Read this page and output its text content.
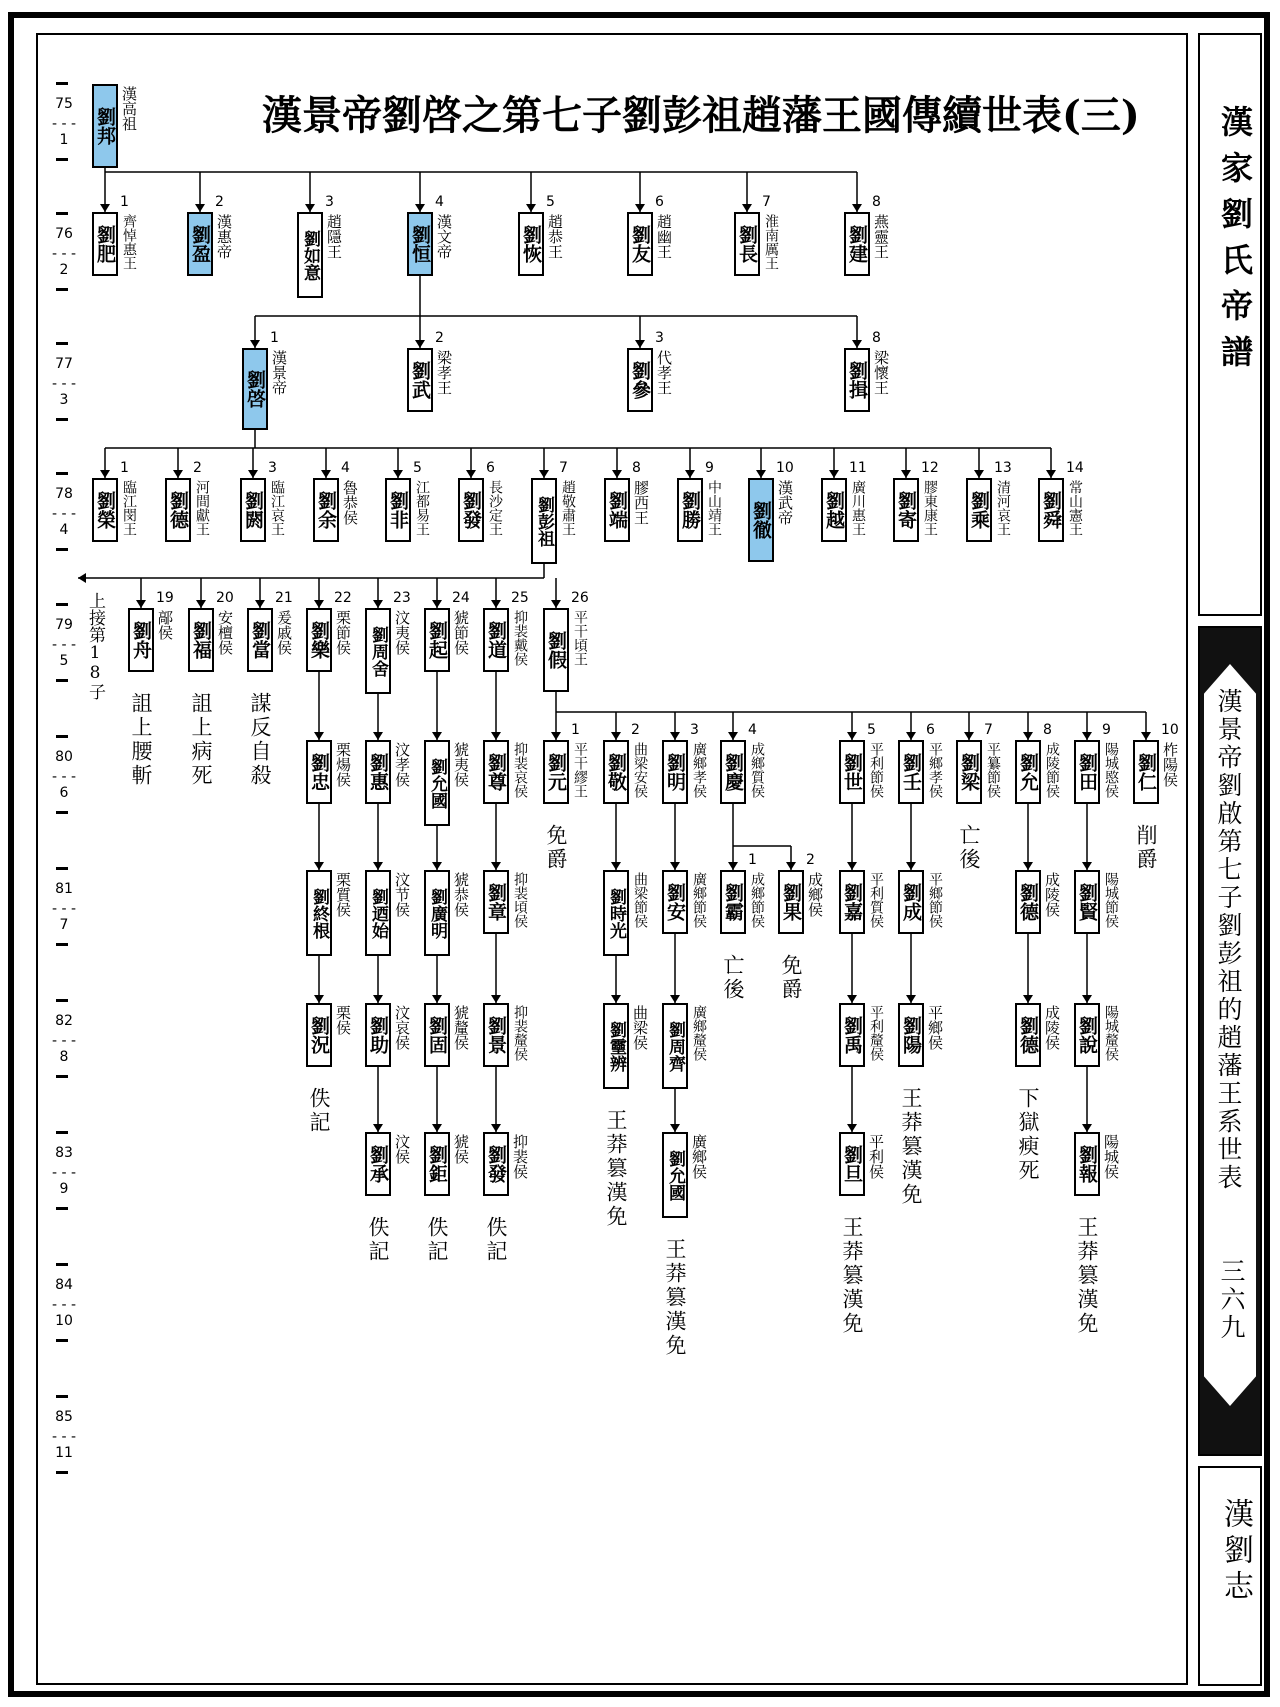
漢家劉氏帝譜
漢景帝劉啟第七子劉彭祖的趙藩王系世表
三六九
漢劉志
漢景帝劉啓之第七子劉彭祖趙藩王國傳續世表(三)
75
- - -
1
76
- - -
2
77
- - -
3
78
- - -
4
79
- - -
5
80
- - -
6
81
- - -
7
82
- - -
8
83
- - -
9
84
- - -
10
85
- - -
11
上接第18子
劉邦 漢高祖
劉肥
1
齊悼惠王	劉盈
2
漢惠帝	劉如意
3
趙隱王	劉恒
4
漢文帝	劉恢
5
趙恭王	劉友
6
趙幽王	劉長
7
淮南厲王	劉建
8
燕靈王
劉啓
1
漢景帝	劉武
2
梁孝王	劉參
3
代孝王	劉揖
8
梁懷王
劉榮
1
臨江閔王 劉德
2
河間獻王 劉閼
3
臨江哀王 劉余
4
魯恭侯 劉非
5
江都易王 劉發
6
長沙定王 劉彭祖
7
趙敬肅王 劉端
8
膠西王 劉勝
9
中山靖王 劉徹
10
漢武帝 劉越
11
廣川惠王 劉寄
12
膠東康王 劉乘
13
清河哀王 劉舜
14
常山憲王
劉舟
19
鄗侯
詛上腰斬
劉福
20
安檀侯
詛上病死
劉當
21
爰戚侯
謀反自殺
劉樂
22
栗節侯 劉周舍
23
汶夷侯 劉起
24
猇節侯 劉道
25
抑裴戴侯 劉假
26
平干頃王
劉忠 栗煬侯 劉惠 汶孝侯 劉允國 猇夷侯 劉尊 抑裴哀侯
劉終根 栗質侯 劉迺始 汶节侯 劉廣明 猇恭侯 劉章 抑裴頃侯
劉況 栗侯
佚記
劉助 汶哀侯 劉固 猇釐侯 劉景 抑裴釐侯
劉承 汶侯
佚記
劉鉅 猇侯
佚記
劉發 抑裴侯
佚記
劉元
1
平干繆王
免爵
劉敬
2
曲梁安侯 劉明
3
廣鄉孝侯 劉慶
4
成鄉質侯	劉世
5
平利節侯 劉壬
6
平鄉孝侯 劉梁
7
平纂節侯
亡後
劉允
8
成陵節侯 劉田
9
陽城愍侯 劉仁
10
柞陽侯
削爵
劉時光 曲梁節侯 劉安 廣鄉節侯 劉霸
1
成鄉節侯
亡後
劉果
2
成鄉侯
免爵
劉嘉 平利質侯 劉成 平鄉節侯	劉德 成陵侯 劉賢 陽城節侯
劉𤫊辨 曲梁侯
王莽篡漢免
劉周齊 廣鄉釐侯	劉禹 平利釐侯 劉陽 平鄉侯
王莽篡漢免
劉德 成陵侯
下獄瘐死
劉說 陽城釐侯
劉允國 廣鄉侯
王莽篡漢免
劉旦 平利侯
王莽篡漢免
劉報 陽城侯
王莽篡漢免
